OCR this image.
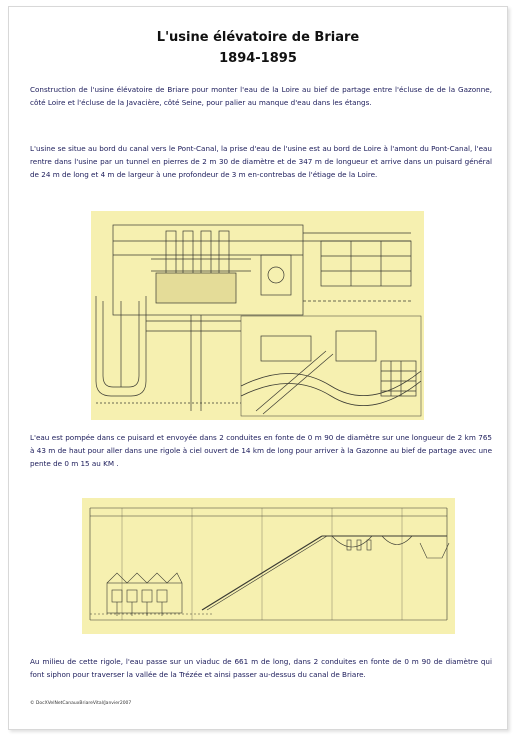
L'usine élévatoire de Briare
1894-1895
Construction de l'usine élévatoire de Briare pour monter l'eau de la Loire au bief de partage entre l'écluse de de la Gazonne, côté Loire et l'écluse de la Javacière, côté Seine, pour palier au manque d'eau dans les étangs.
L'usine se situe au bord du canal vers le Pont-Canal, la prise d'eau de l'usine est au bord de Loire à l'amont du Pont-Canal, l'eau rentre dans l'usine par un tunnel en pierres de 2 m 30 de diamètre et de 347 m de longueur et arrive dans un puisard général de 24 m de long et 4 m de largeur à une profondeur de 3 m en-contrebas de l'étiage de la Loire.
L'eau est pompée dans ce puisard et envoyée dans 2 conduites en fonte de 0 m 90 de diamètre sur une longueur de 2 km 765 à 43 m de haut pour aller dans une rigole à ciel ouvert de 14 km de long pour arriver à la Gazonne au bief de partage avec une pente de 0 m 15 au KM .
Au milieu de cette rigole, l'eau passe sur un viaduc de 661 m de long, dans 2 conduites en fonte de 0 m 90 de diamètre qui font siphon pour traverser la vallée de la Trézée et ainsi passer au-dessus du canal de Briare.
© DocXVelNetCanauxBriareVital/Janvier2007
